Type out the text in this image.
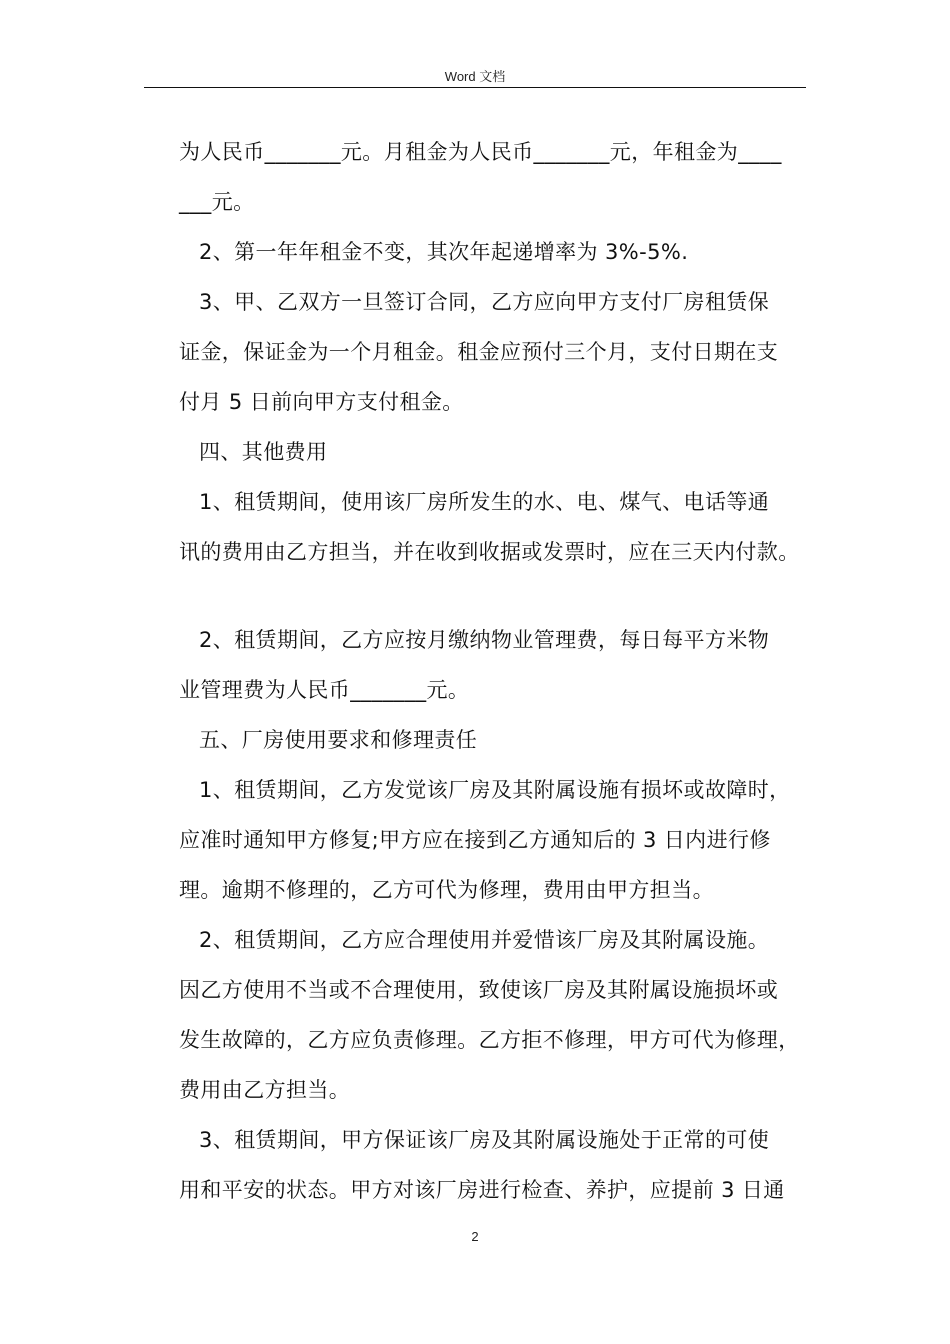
Word 文档
为人民币_______元。月租金为人民币_______元，年租金为____
___元。
2、第一年年租金不变，其次年起递增率为 3%-5%.
3、甲、乙双方一旦签订合同，乙方应向甲方支付厂房租赁保
证金，保证金为一个月租金。租金应预付三个月，支付日期在支
付月 5 日前向甲方支付租金。
四、其他费用
1、租赁期间，使用该厂房所发生的水、电、煤气、电话等通
讯的费用由乙方担当，并在收到收据或发票时，应在三天内付款。
2、租赁期间，乙方应按月缴纳物业管理费，每日每平方米物
业管理费为人民币_______元。
五、厂房使用要求和修理责任
1、租赁期间，乙方发觉该厂房及其附属设施有损坏或故障时，
应准时通知甲方修复;甲方应在接到乙方通知后的 3 日内进行修
理。逾期不修理的，乙方可代为修理，费用由甲方担当。
2、租赁期间，乙方应合理使用并爱惜该厂房及其附属设施。
因乙方使用不当或不合理使用，致使该厂房及其附属设施损坏或
发生故障的，乙方应负责修理。乙方拒不修理，甲方可代为修理，
费用由乙方担当。
3、租赁期间，甲方保证该厂房及其附属设施处于正常的可使
用和平安的状态。甲方对该厂房进行检查、养护，应提前 3 日通
2
